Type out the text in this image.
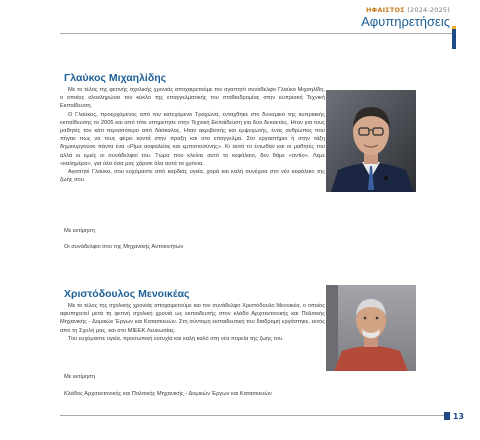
ΗΦΑΙΣΤΟΣ (2024-2025)
Αφυπηρετήσεις
Γλαύκος Μιχαηλίδης

Με το τέλος της φετινής σχολικής χρονιάς αποχαιρετούμε τον αγαπητό συνάδελφο Γλαύκο Μιχαηλίδη, ο οποίος ολοκληρώνει τον κύκλο της επαγγελματικής του σταδιοδρομίας στην κυπριακή Τεχνική Εκπαίδευση.

Ο Γλαύκος, προερχόμενος από τον κατεχόμενο Τραχώνα, ενταχθηκε στο δυναμικό της κυπριακής εκπαίδευσης το 2005 και από τότε υπηρετησε στην Τεχνική Εκπαίδευση για δύο δεκαετίες. Ηταν για τους μαθητές του κάτι περισσότερο από δάσκαλος. Ηταν ακριβοπής και εμψυχωτής, ένας ανθρωπος που πήγαε πως να τους φέρει κοντά στην πραξη και στο επαγγελμα. Στο εργαστήριο ή στην τάξη δημιουργούσε πάντα ένα «Ρίμα ασφαλείας και εμπιστοσύνης». Κι αυτό το ένιωθαν και οι μαθητές του αλλά κι εμείς οι συνάδελφοί του. Τώρα που κλείνει αυτό το κεφάλαιο, δεν θάμε «αντίο». Λεμε «καλημέρα», για όλα όσα μας χάρισε όλα αυτά τα χρόνια.

Αγαπητέ Γλαύκο, σου ευχόμαστε από καρδιάς υγεία, χαρά και καλή συνέχεια στο νέο κεφάλαιο της ζωής σου.

Με εκτίμηση
Οι συνάδελφοι σου της Μηχανικής Αυτοκινήτων
Χριστόδουλος Μενοικέας

Με το τέλος της σχολικής χρονιάς αποχαιρετούμε και τον συνάδελφο Χριστόδουλο Μενοικέα, ο οποίος αφυπηρετεί μετά τη φετινή σχολική χρονιά ως εκπαιδευτής στον κλάδο Αρχιτεκτονικής και Πολιτικής Μηχανικής - Δομικών Έργων και Κατασκευών. Στη σύντομη εκπαιδευτική του διαδρομή εργάστηκε, εκτός από τη Σχολή μας, και στο ΜΙΕΕΚ Λευκωσίας.

Του ευχόμαστε υγεία, προσωπική ευτυχία και καλή καλό στη νέα πορεία της ζωής του.

Με εκτίμηση
Κλάδος Αρχιτεκτονικής και Πολιτικής Μηχανικής - Δομικών Έργων και Κατασκευών
13
